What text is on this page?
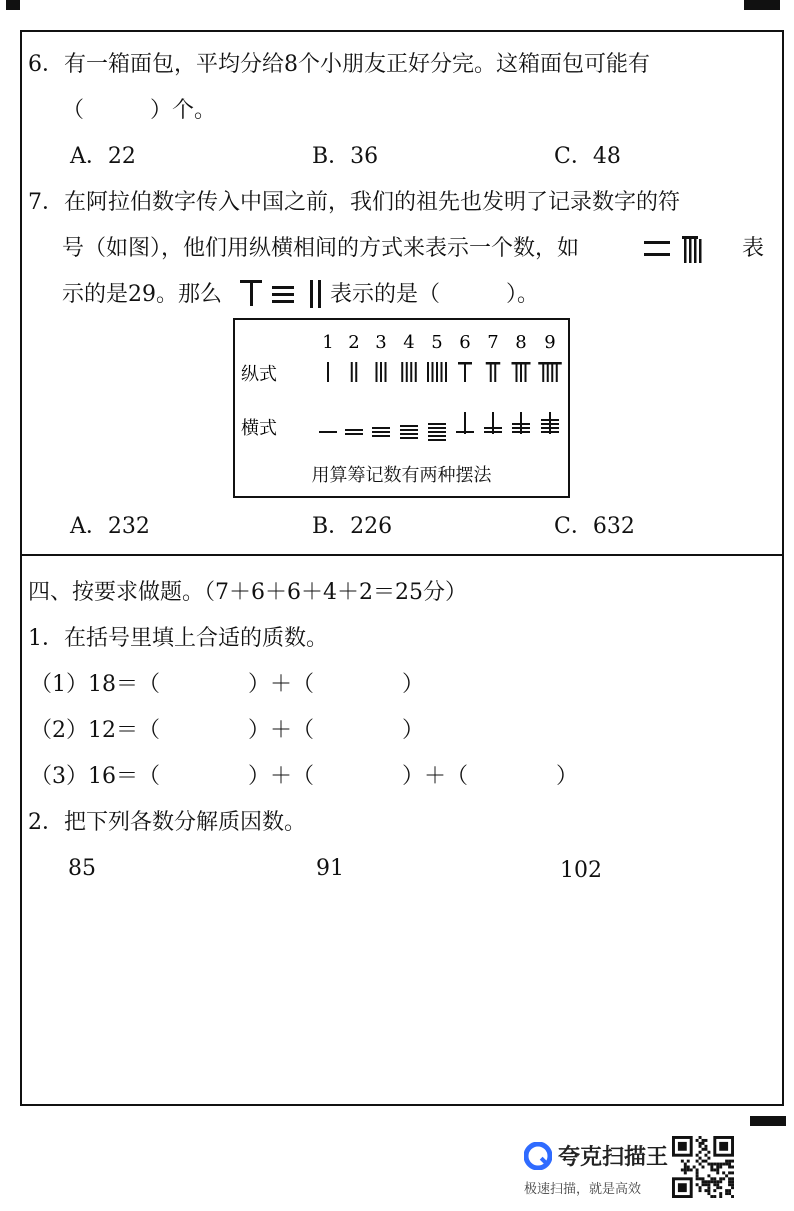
6．有一箱面包，平均分给8个小朋友正好分完。这箱面包可能有
（　　　）个。
A．22	B．36	C．48
7．在阿拉伯数字传入中国之前，我们的祖先也发明了记录数字的符
号（如图），他们用纵横相间的方式来表示一个数，如	表
示的是29。那么	表示的是（　　　）。
1 2 3 4 5 6 7 8 9
纵式
横式
用算筹记数有两种摆法
A．232	B．226	C．632
四、按要求做题。（7＋6＋6＋4＋2＝25分）
1．在括号里填上合适的质数。
（1）18＝（　　　　）＋（　　　　）
（2）12＝（　　　　）＋（　　　　）
（3）16＝（　　　　）＋（　　　　）＋（　　　　）
2．把下列各数分解质因数。
85	91	102
夸克扫描王
极速扫描，就是高效
